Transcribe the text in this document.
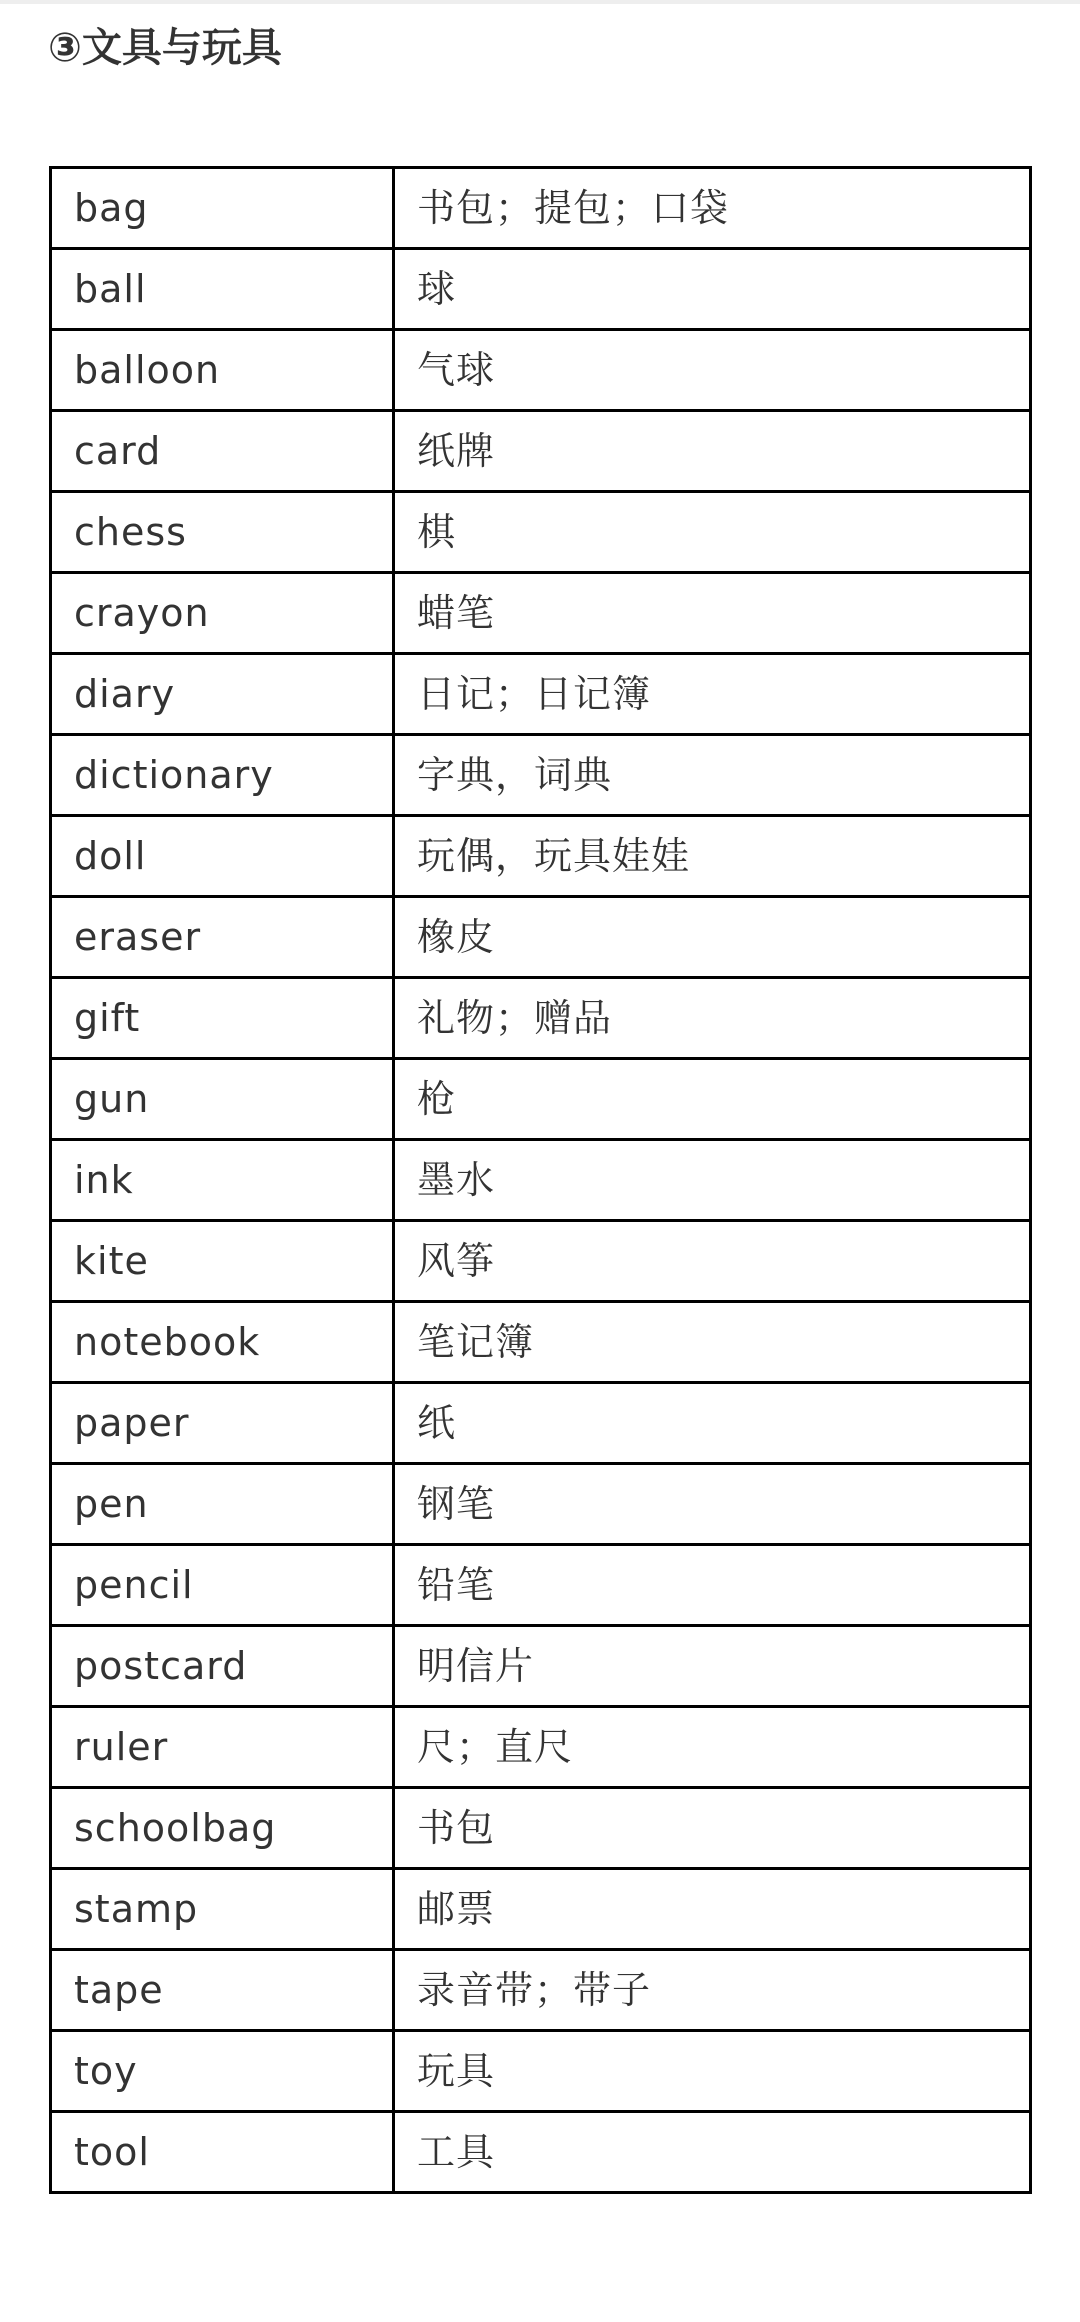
③文具与玩具
bag	书包；提包；口袋
ball	球
balloon	气球
card	纸牌
chess	棋
crayon	蜡笔
diary	日记；日记簿
dictionary	字典，词典
doll	玩偶，玩具娃娃
eraser	橡皮
gift	礼物；赠品
gun	枪
ink	墨水
kite	风筝
notebook	笔记簿
paper	纸
pen	钢笔
pencil	铅笔
postcard	明信片
ruler	尺；直尺
schoolbag	书包
stamp	邮票
tape	录音带；带子
toy	玩具
tool	工具
